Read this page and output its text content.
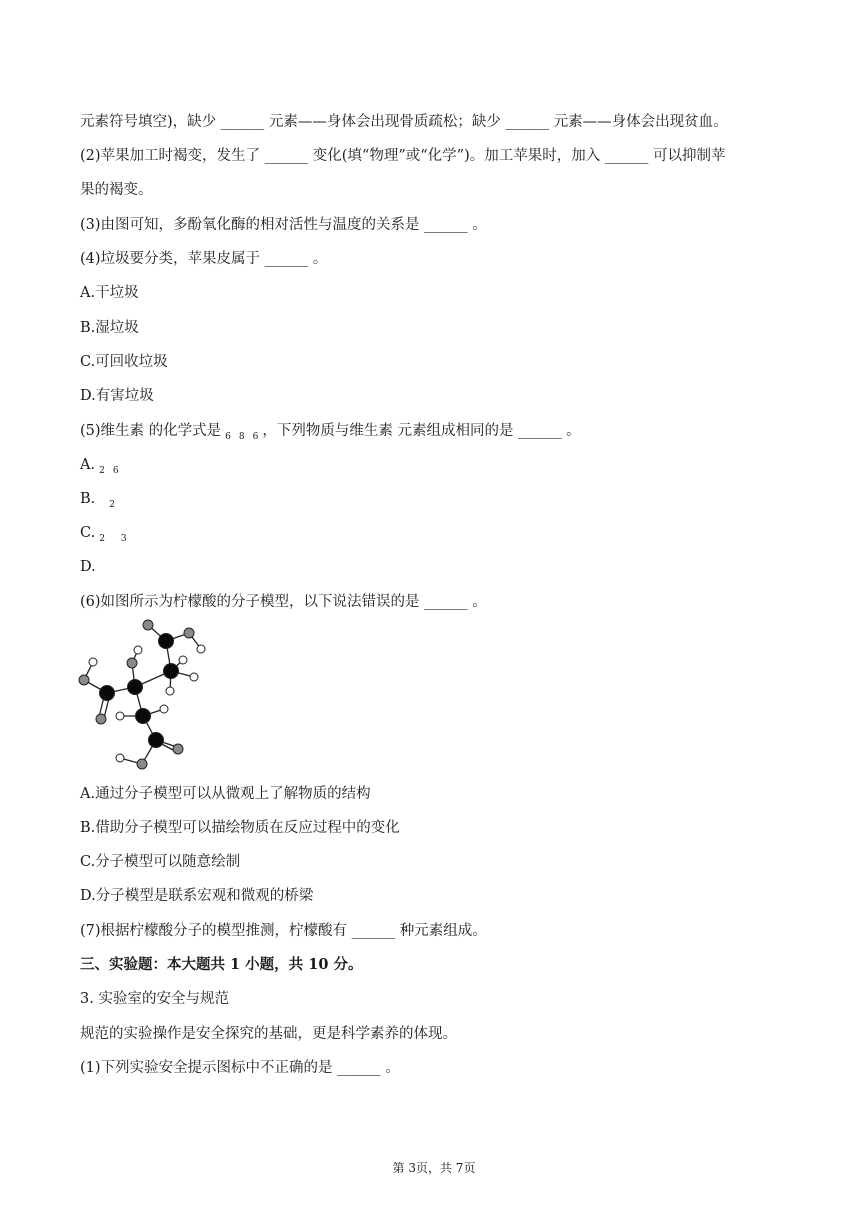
元素符号填空)，缺少 ______ 元素——身体会出现骨质疏松；缺少 ______ 元素——身体会出现贫血。
(2)苹果加工时褐变，发生了 ______ 变化(填“物理”或“化学”)。加工苹果时，加入 ______ 可以抑制苹
果的褐变。
(3)由图可知，多酚氧化酶的相对活性与温度的关系是 ______ 。
(4)垃圾要分类，苹果皮属于 ______ 。
A.干垃圾
B.湿垃圾
C.可回收垃圾
D.有害垃圾
(5)维生素 的化学式是 $_6$ $_8$ $_6$ ，下列物质与维生素 元素组成相同的是 ______ 。
A. $_2$ $_6$
B. $_2$
C. $_2$ $_3$
D.
(6)如图所示为柠檬酸的分子模型，以下说法错误的是 ______ 。
A.通过分子模型可以从微观上了解物质的结构
B.借助分子模型可以描绘物质在反应过程中的变化
C.分子模型可以随意绘制
D.分子模型是联系宏观和微观的桥梁
(7)根据柠檬酸分子的模型推测，柠檬酸有 ______ 种元素组成。
三、实验题：本大题共 1 小题，共 10 分。
3. 实验室的安全与规范
规范的实验操作是安全探究的基础，更是科学素养的体现。
(1)下列实验安全提示图标中不正确的是 ______ 。
第 3页，共 7页
